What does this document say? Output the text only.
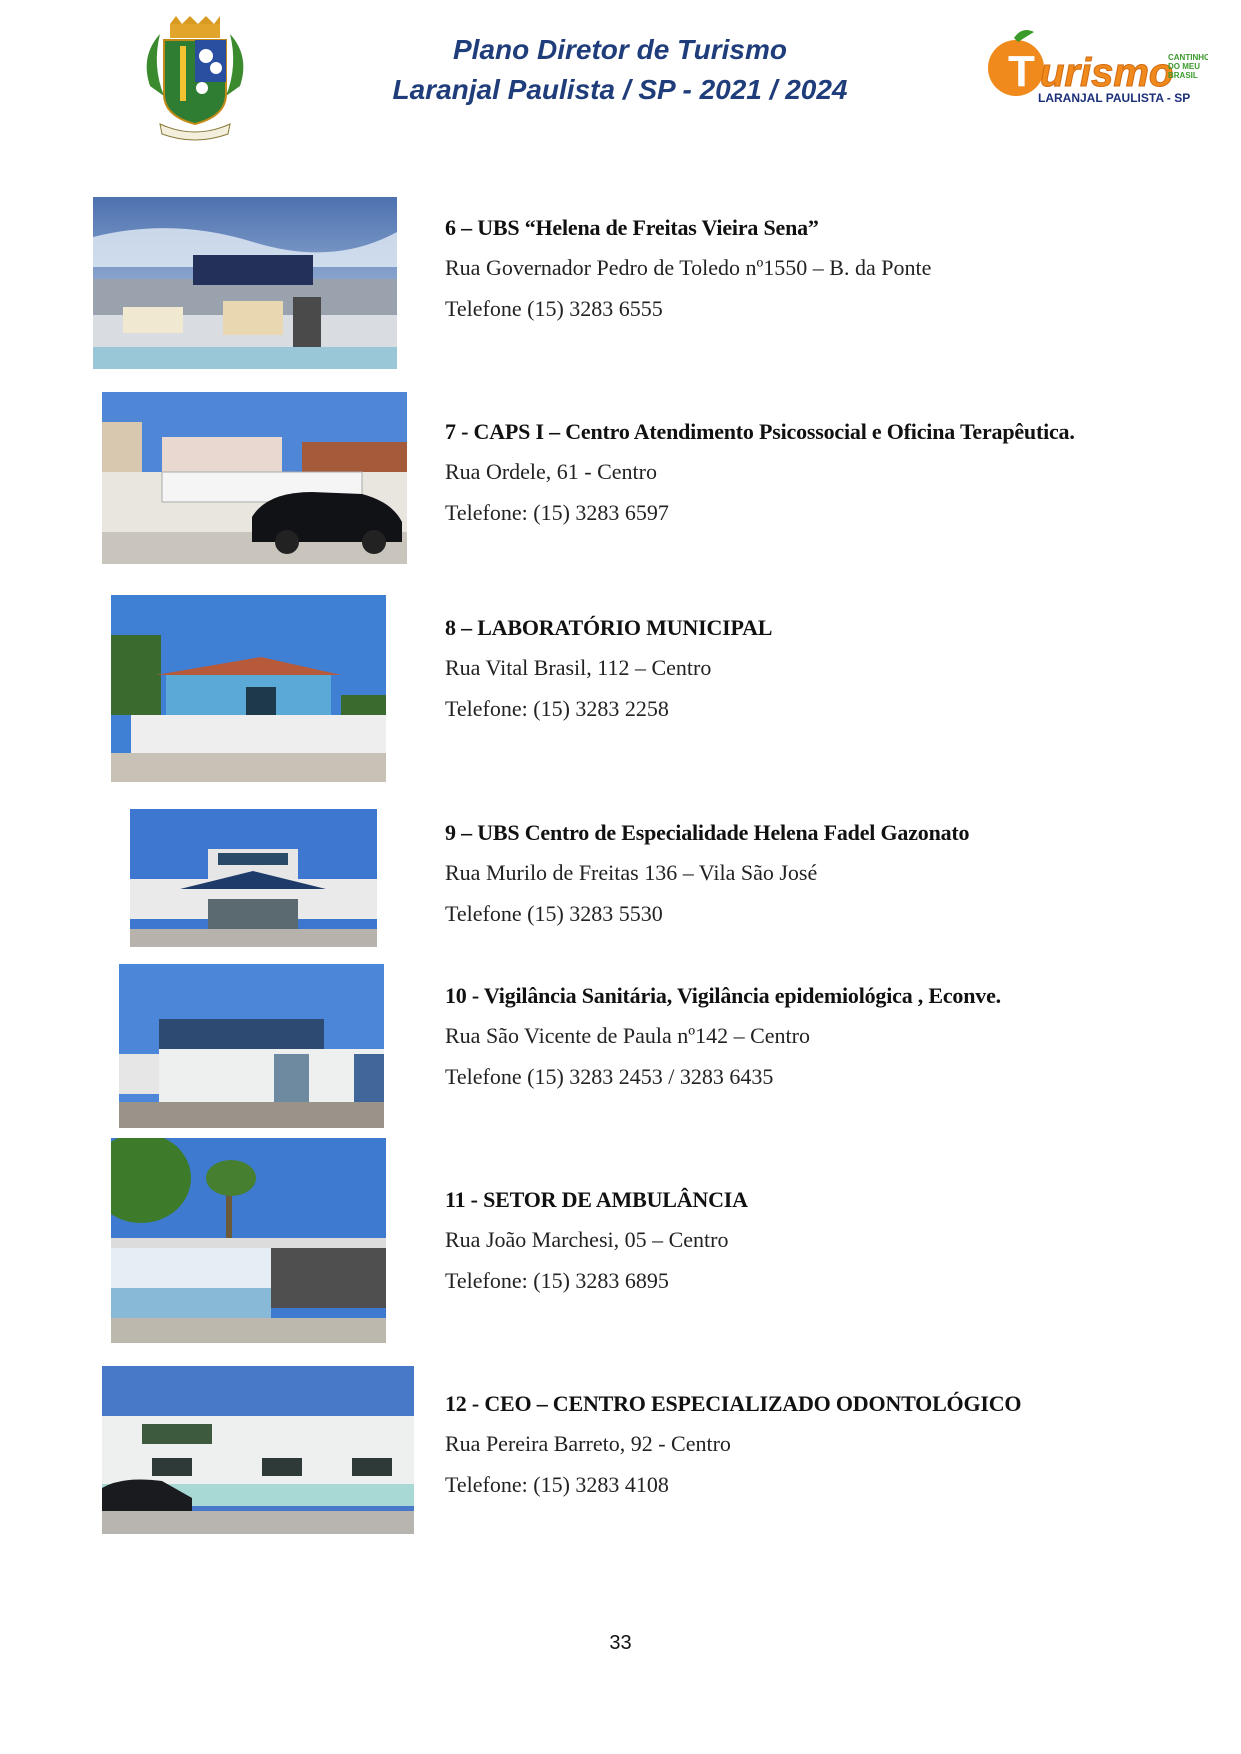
Plano Diretor de Turismo
Laranjal Paulista / SP - 2021 / 2024	T urismo
CANTINHO
DO MEU
BRASIL
LARANJAL PAULISTA - SP
6 – UBS “Helena de Freitas Vieira Sena”
Rua Governador Pedro de Toledo nº1550 – B. da Ponte
Telefone (15) 3283 6555
7 - CAPS I – Centro Atendimento Psicossocial e Oficina Terapêutica.
Rua Ordele, 61 - Centro
Telefone: (15) 3283 6597
8 – LABORATÓRIO MUNICIPAL
Rua Vital Brasil, 112 – Centro
Telefone: (15) 3283 2258
9 – UBS Centro de Especialidade Helena Fadel Gazonato
Rua Murilo de Freitas 136 – Vila São José
Telefone (15) 3283 5530
10 - Vigilância Sanitária, Vigilância epidemiológica , Econve.
Rua São Vicente de Paula nº142 – Centro
Telefone (15) 3283 2453 / 3283 6435
11 - SETOR DE AMBULÂNCIA
Rua João Marchesi, 05 – Centro
Telefone: (15) 3283 6895
12 - CEO – CENTRO ESPECIALIZADO ODONTOLÓGICO
Rua Pereira Barreto, 92 - Centro
Telefone: (15) 3283 4108
33
